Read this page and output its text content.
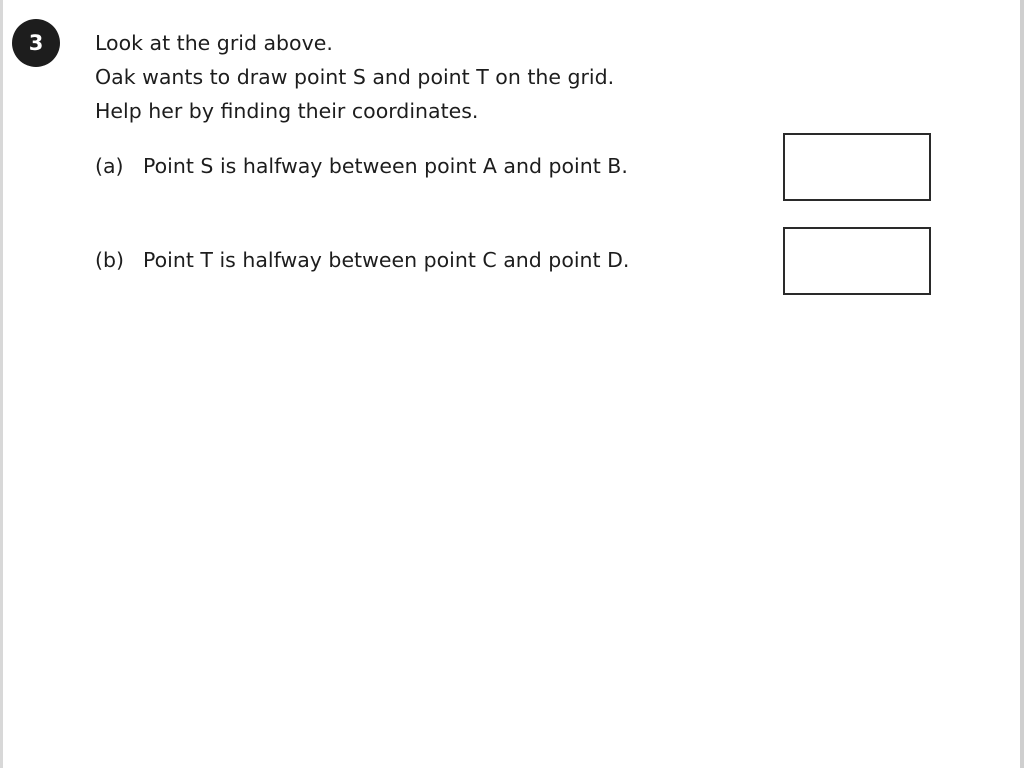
3	Look at the grid above.
Oak wants to draw point S and point T on the grid.
Help her by finding their coordinates.
(a) Point S is halfway between point A and point B.
(b) Point T is halfway between point C and point D.
